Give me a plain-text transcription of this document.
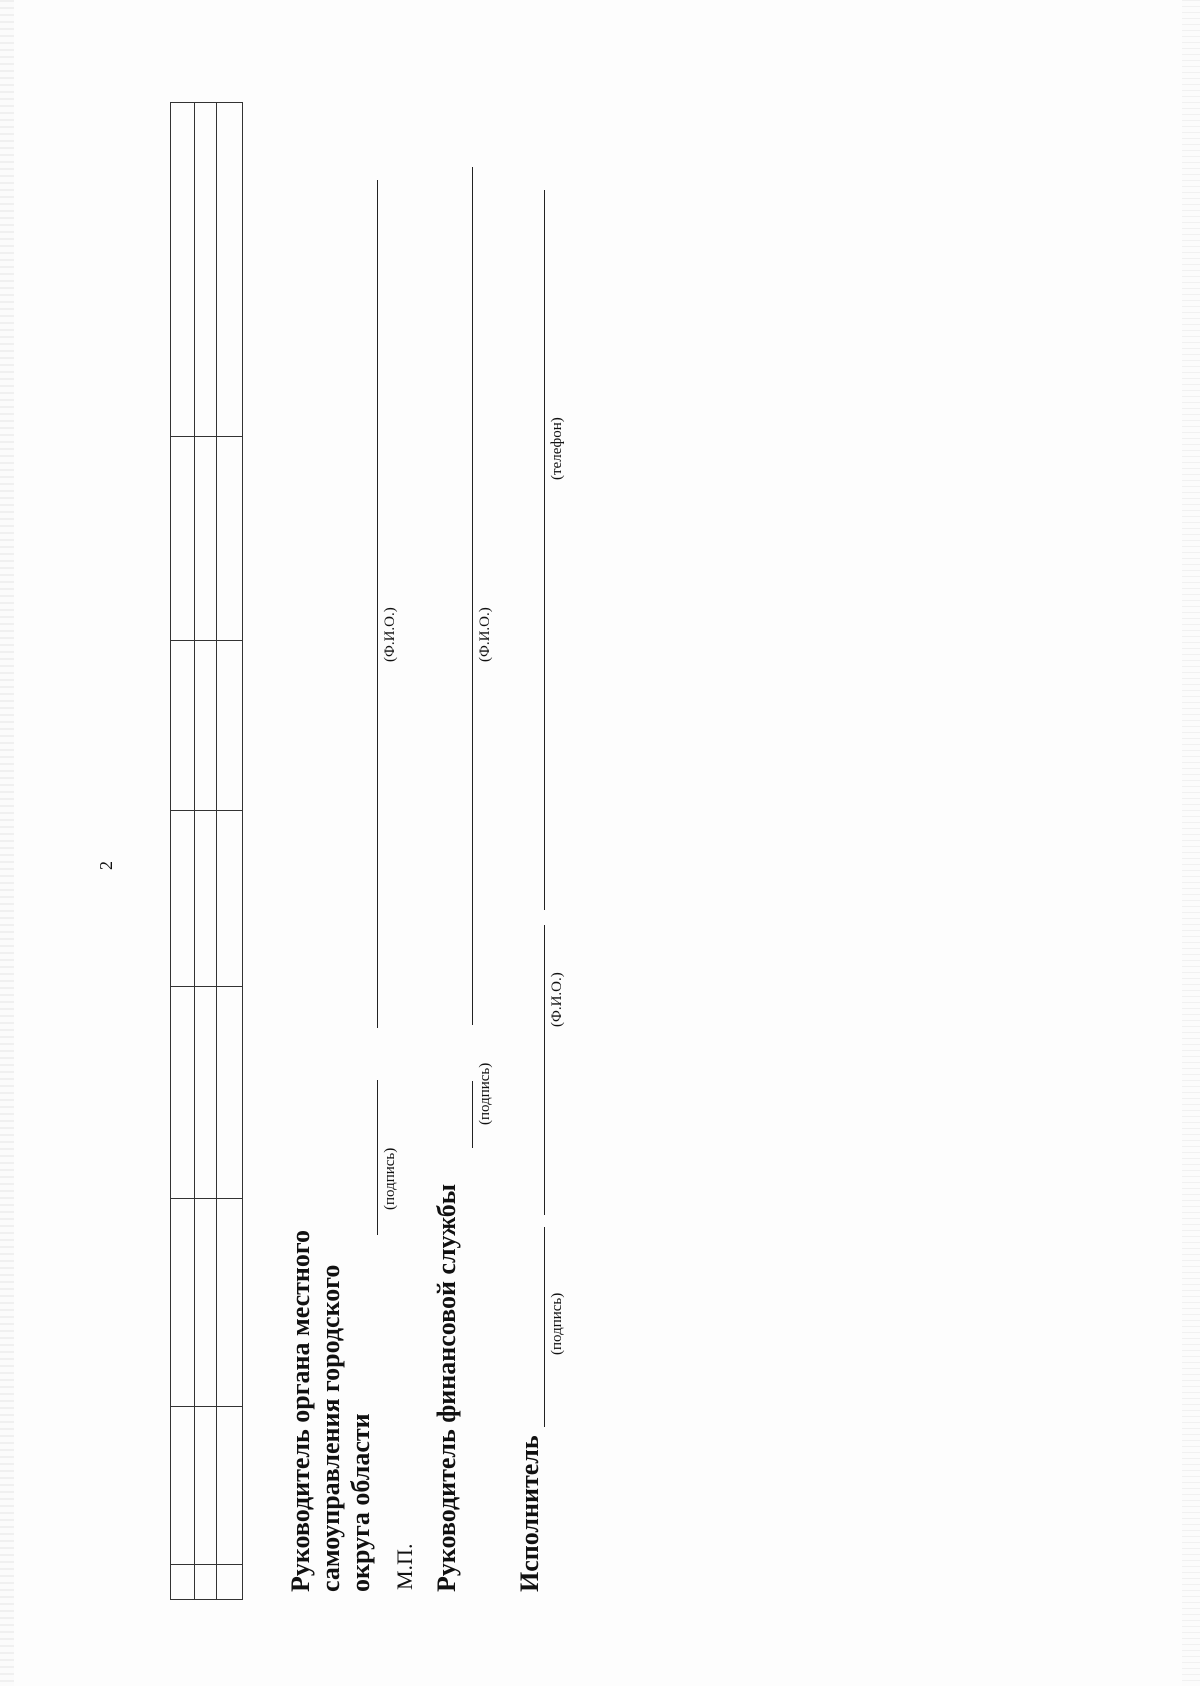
2

Руководитель органа местного самоуправления городского округа области
(подпись)
(Ф.И.О.)
М.П. Руководитель финансовой службы
(подпись)
(Ф.И.О.)
Исполнитель
(подпись)
(Ф.И.О.)
(телефон)
